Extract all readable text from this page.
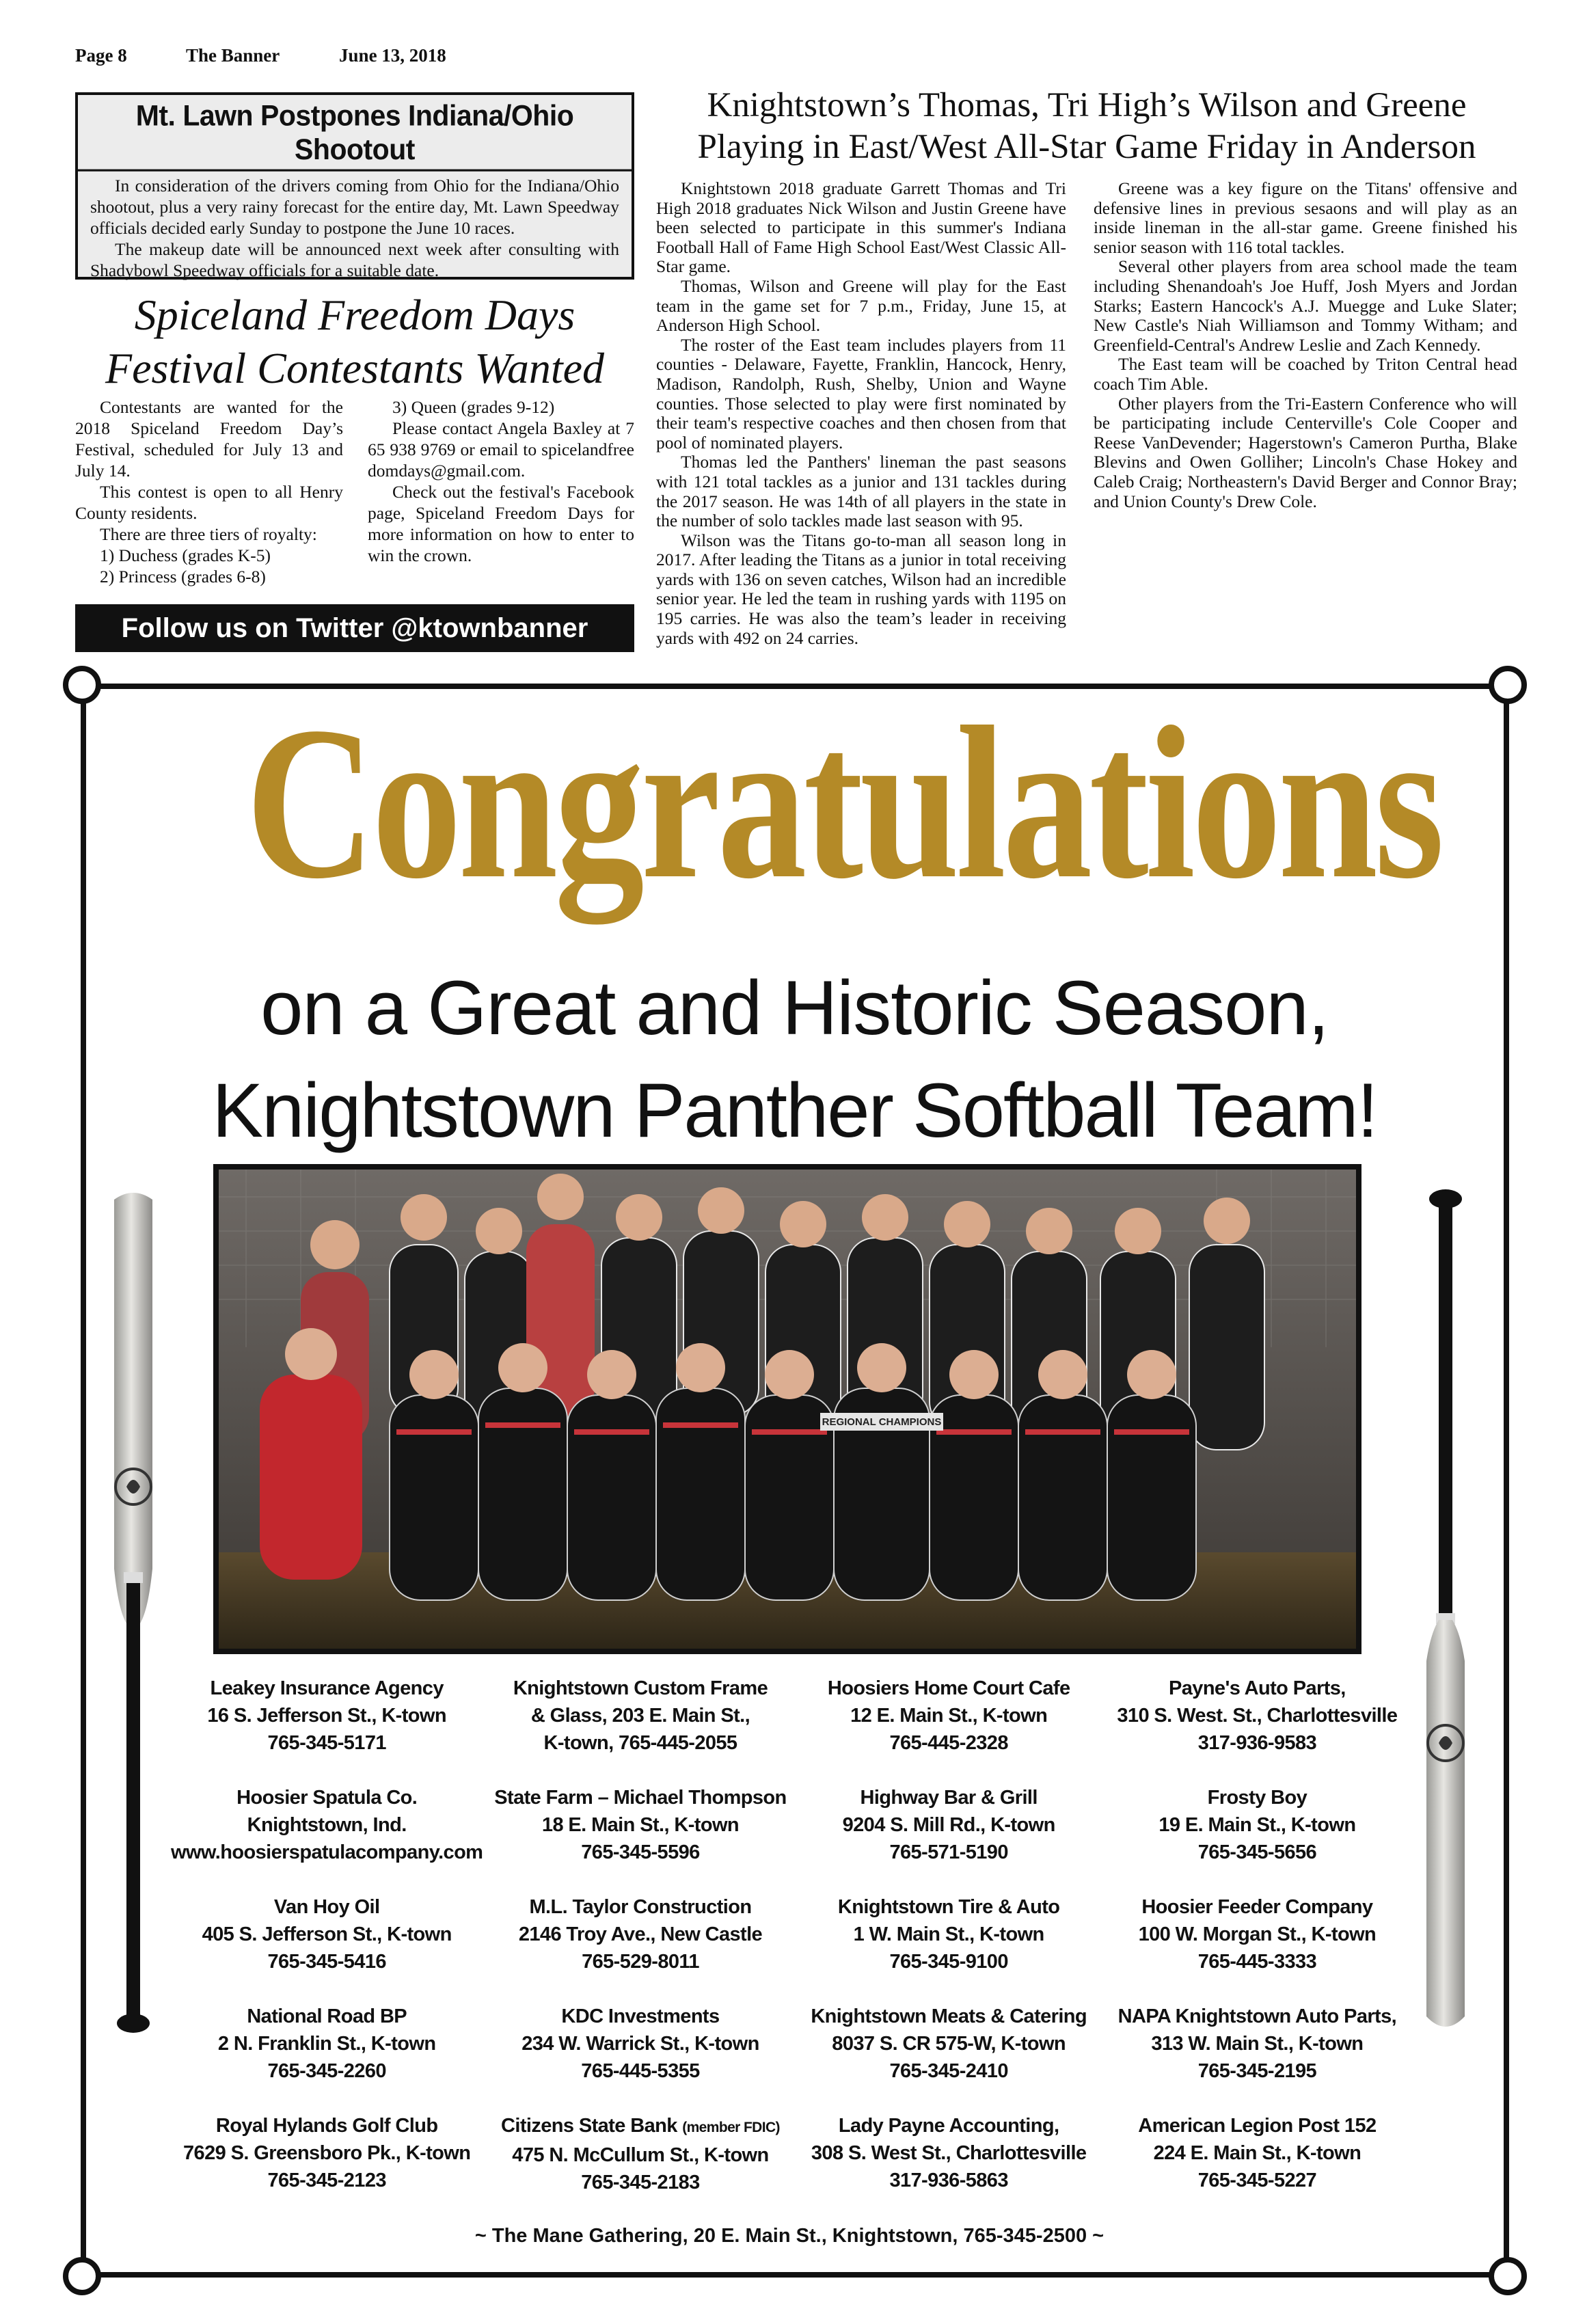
Page 8	The Banner	June 13, 2018
Mt. Lawn Postpones Indiana/Ohio Shootout

In consideration of the drivers coming from Ohio for the Indiana/Ohio shootout, plus a very rainy forecast for the entire day, Mt. Lawn Speedway officials decided early Sunday to postpone the June 10 races.

The makeup date will be announced next week after consulting with Shadybowl Speedway officials for a suitable date.

Spiceland Freedom Days
Festival Contestants Wanted

Contestants are wanted for the 2018 Spiceland Freedom Day’s Festival, scheduled for July 13 and July 14.

This contest is open to all Henry County residents.

There are three tiers of royalty:

1) Duchess (grades K-5)

2) Princess (grades 6-8)

3) Queen (grades 9-12)

Please contact Angela Baxley at 765 938 9769 or email to spicelandfreedomdays@gmail.com.

Check out the festival's Facebook page, Spiceland Freedom Days for more information on how to enter to win the crown.

Follow us on Twitter @ktownbanner
Knightstown’s Thomas, Tri High’s Wilson and Greene
Playing in East/West All-Star Game Friday in Anderson

Knightstown 2018 graduate Garrett Thomas and Tri High 2018 graduates Nick Wilson and Justin Greene have been selected to participate in this summer's Indiana Football Hall of Fame High School East/West Classic All-Star game.

Thomas, Wilson and Greene will play for the East team in the game set for 7 p.m., Friday, June 15, at Anderson High School.

The roster of the East team includes players from 11 counties - Delaware, Fayette, Franklin, Hancock, Henry, Madison, Randolph, Rush, Shelby, Union and Wayne counties. Those selected to play were first nominated by their team's respective coaches and then chosen from that pool of nominated players.

Thomas led the Panthers' lineman the past seasons with 121 total tackles as a junior and 131 tackles during the 2017 season. He was 14th of all players in the state in the number of solo tackles made last season with 95.

Wilson was the Titans go-to-man all season long in 2017. After leading the Titans as a junior in total receiving yards with 136 on seven catches, Wilson had an incredible senior year. He led the team in rushing yards with 1195 on 195 carries. He was also the team’s leader in receiving yards with 492 on 24 carries.

Greene was a key figure on the Titans' offensive and defensive lines in previous sesaons and will play as an inside lineman in the all-star game. Greene finished his senior season with 116 total tackles.

Several other players from area school made the team including Shenandoah's Joe Huff, Josh Myers and Jordan Starks; Eastern Hancock's A.J. Muegge and Luke Slater; New Castle's Niah Williamson and Tommy Witham; and Greenfield-Central's Andrew Leslie and Zach Kennedy.

The East team will be coached by Triton Central head coach Tim Able.

Other players from the Tri-Eastern Conference who will be participating include Centerville's Cole Cooper and Reese VanDevender; Hagerstown's Cameron Purtha, Blake Blevins and Owen Golliher; Lincoln's Chase Hokey and Caleb Craig; Northeastern's David Berger and Connor Bray; and Union County's Drew Cole.

Congratulations
on a Great and Historic Season,
Knightstown Panther Softball Team!
REGIONAL CHAMPIONS
Leakey Insurance Agency
16 S. Jefferson St., K-town
765-345-5171
Knightstown Custom Frame
& Glass, 203 E. Main St.,
K-town, 765-445-2055
Hoosiers Home Court Cafe
12 E. Main St., K-town
765-445-2328
Payne's Auto Parts,
310 S. West. St., Charlottesville
317-936-9583
Hoosier Spatula Co.
Knightstown, Ind.
www.hoosierspatulacompany.com
State Farm – Michael Thompson
18 E. Main St., K-town
765-345-5596
Highway Bar & Grill
9204 S. Mill Rd., K-town
765-571-5190
Frosty Boy
19 E. Main St., K-town
765-345-5656
Van Hoy Oil
405 S. Jefferson St., K-town
765-345-5416
M.L. Taylor Construction
2146 Troy Ave., New Castle
765-529-8011
Knightstown Tire & Auto
1 W. Main St., K-town
765-345-9100
Hoosier Feeder Company
100 W. Morgan St., K-town
765-445-3333
National Road BP
2 N. Franklin St., K-town
765-345-2260
KDC Investments
234 W. Warrick St., K-town
765-445-5355
Knightstown Meats & Catering
8037 S. CR 575-W, K-town
765-345-2410
NAPA Knightstown Auto Parts,
313 W. Main St., K-town
765-345-2195
Royal Hylands Golf Club
7629 S. Greensboro Pk., K-town
765-345-2123
Citizens State Bank (member FDIC)
475 N. McCullum St., K-town
765-345-2183
Lady Payne Accounting,
308 S. West St., Charlottesville
317-936-5863
American Legion Post 152
224 E. Main St., K-town
765-345-5227
~ The Mane Gathering, 20 E. Main St., Knightstown, 765-345-2500 ~
